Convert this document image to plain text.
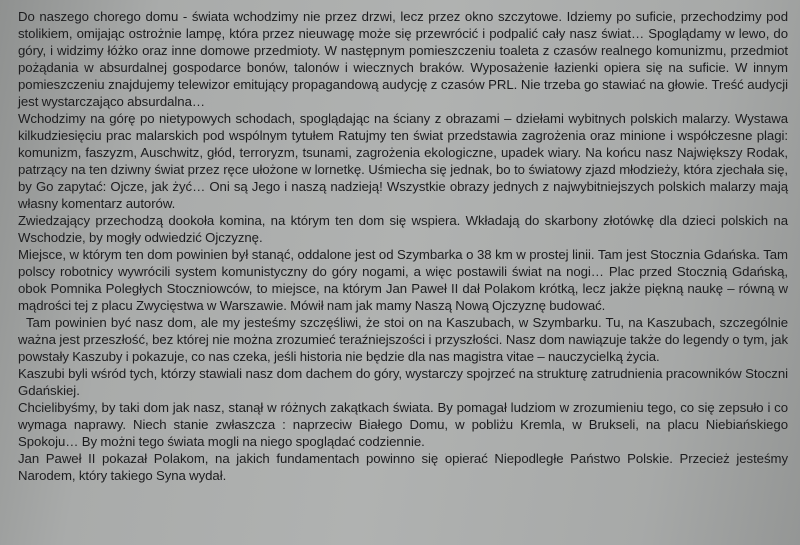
Do naszego chorego domu - świata wchodzimy nie przez drzwi, lecz przez okno szczytowe. Idziemy po suficie, przechodzimy pod stolikiem, omijając ostrożnie lampę, która przez nieuwagę może się przewrócić i podpalić cały nasz świat… Spoglądamy w lewo, do góry, i widzimy łóżko oraz inne domowe przedmioty. W następnym pomieszczeniu toaleta z czasów realnego komunizmu, przedmiot pożądania w absurdalnej gospodarce bonów, talonów i wiecznych braków. Wyposażenie łazienki opiera się na suficie. W innym pomieszczeniu znajdujemy telewizor emitujący propagandową audycję z czasów PRL. Nie trzeba go stawiać na głowie. Treść audycji jest wystarczająco absurdalna…

Wchodzimy na górę po nietypowych schodach, spoglądając na ściany z obrazami – dziełami wybitnych polskich malarzy. Wystawa kilkudziesięciu prac malarskich pod wspólnym tytułem Ratujmy ten świat przedstawia zagrożenia oraz minione i współczesne plagi: komunizm, faszyzm, Auschwitz, głód, terroryzm, tsunami, zagrożenia ekologiczne, upadek wiary. Na końcu nasz Największy Rodak, patrzący na ten dziwny świat przez ręce ułożone w lornetkę. Uśmiecha się jednak, bo to światowy zjazd młodzieży, która zjechała się, by Go zapytać: Ojcze, jak żyć… Oni są Jego i naszą nadzieją! Wszystkie obrazy jednych z najwybitniejszych polskich malarzy mają własny komentarz autorów.

Zwiedzający przechodzą dookoła komina, na którym ten dom się wspiera. Wkładają do skarbony złotówkę dla dzieci polskich na Wschodzie, by mogły odwiedzić Ojczyznę.

Miejsce, w którym ten dom powinien był stanąć, oddalone jest od Szymbarka o 38 km w prostej linii. Tam jest Stocznia Gdańska. Tam polscy robotnicy wywrócili system komunistyczny do góry nogami, a więc postawili świat na nogi… Plac przed Stocznią Gdańską, obok Pomnika Poległych Stoczniowców, to miejsce, na którym Jan Paweł II dał Polakom krótką, lecz jakże piękną naukę – równą w mądrości tej z placu Zwycięstwa w Warszawie. Mówił nam jak mamy Naszą Nową Ojczyznę budować.

Tam powinien być nasz dom, ale my jesteśmy szczęśliwi, że stoi on na Kaszubach, w Szymbarku. Tu, na Kaszubach, szczególnie ważna jest przeszłość, bez której nie można zrozumieć teraźniejszości i przyszłości. Nasz dom nawiązuje także do legendy o tym, jak powstały Kaszuby i pokazuje, co nas czeka, jeśli historia nie będzie dla nas magistra vitae – nauczycielką życia.

Kaszubi byli wśród tych, którzy stawiali nasz dom dachem do góry, wystarczy spojrzeć na strukturę zatrudnienia pracowników Stoczni Gdańskiej.

Chcielibyśmy, by taki dom jak nasz, stanął w różnych zakątkach świata. By pomagał ludziom w zrozumieniu tego, co się zepsuło i co wymaga naprawy. Niech stanie zwłaszcza : naprzeciw Białego Domu, w pobliżu Kremla, w Brukseli, na placu Niebiańskiego Spokoju… By możni tego świata mogli na niego spoglądać codziennie.

Jan Paweł II pokazał Polakom, na jakich fundamentach powinno się opierać Niepodległe Państwo Polskie. Przecież jesteśmy Narodem, który takiego Syna wydał.
